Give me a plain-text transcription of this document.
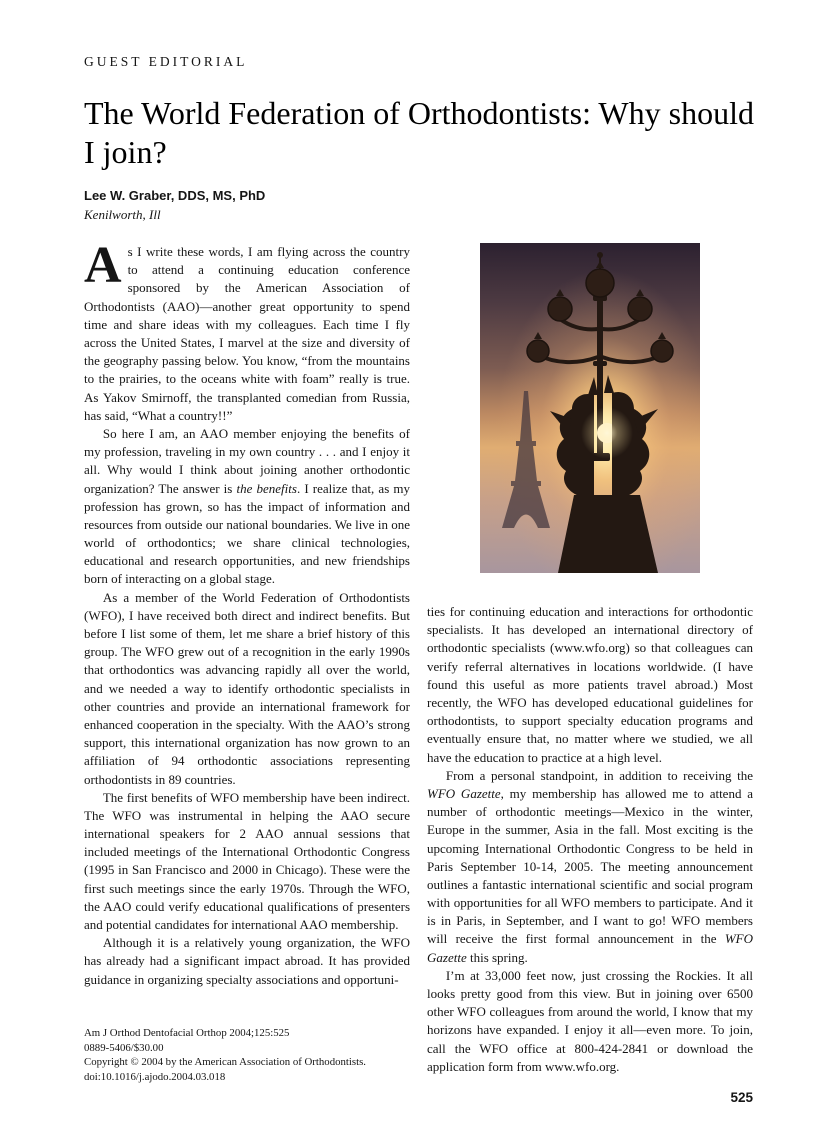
GUEST EDITORIAL
The World Federation of Orthodontists: Why should I join?
Lee W. Graber, DDS, MS, PhD
Kenilworth, Ill

As I write these words, I am flying across the country to attend a continuing education conference sponsored by the American Association of Orthodontists (AAO)—another great opportunity to spend time and share ideas with my colleagues. Each time I fly across the United States, I marvel at the size and diversity of the geography passing below. You know, “from the mountains to the prairies, to the oceans white with foam” really is true. As Yakov Smirnoff, the transplanted comedian from Russia, has said, “What a country!!”

So here I am, an AAO member enjoying the benefits of my profession, traveling in my own country . . . and I enjoy it all. Why would I think about joining another orthodontic organization? The answer is the benefits. I realize that, as my profession has grown, so has the impact of information and resources from outside our national boundaries. We live in one world of orthodontics; we share clinical technologies, educational and research opportunities, and new friendships born of interacting on a global stage.

As a member of the World Federation of Orthodontists (WFO), I have received both direct and indirect benefits. But before I list some of them, let me share a brief history of this group. The WFO grew out of a recognition in the early 1990s that orthodontics was advancing rapidly all over the world, and we needed a way to identify orthodontic specialists in other countries and provide an international framework for enhanced cooperation in the specialty. With the AAO’s strong support, this international organization has now grown to an affiliation of 94 orthodontic associations representing orthodontists in 89 countries.

The first benefits of WFO membership have been indirect. The WFO was instrumental in helping the AAO secure international speakers for 2 AAO annual sessions that included meetings of the International Orthodontic Congress (1995 in San Francisco and 2000 in Chicago). These were the first such meetings since the early 1970s. Through the WFO, the AAO could verify educational qualifications of presenters and potential candidates for international AAO membership.

Although it is a relatively young organization, the WFO has already had a significant impact abroad. It has provided guidance in organizing specialty associations and opportuni-

Am J Orthod Dentofacial Orthop 2004;125:525
0889-5406/$30.00
Copyright © 2004 by the American Association of Orthodontists.
doi:10.1016/j.ajodo.2004.03.018

ties for continuing education and interactions for orthodontic specialists. It has developed an international directory of orthodontic specialists (www.wfo.org) so that colleagues can verify referral alternatives in locations worldwide. (I have found this useful as more patients travel abroad.) Most recently, the WFO has developed educational guidelines for orthodontists, to support specialty education programs and eventually ensure that, no matter where we studied, we all have the education to practice at a high level.

From a personal standpoint, in addition to receiving the WFO Gazette, my membership has allowed me to attend a number of orthodontic meetings—Mexico in the winter, Europe in the summer, Asia in the fall. Most exciting is the upcoming International Orthodontic Congress to be held in Paris September 10-14, 2005. The meeting announcement outlines a fantastic international scientific and social program with opportunities for all WFO members to participate. And it is in Paris, in September, and I want to go! WFO members will receive the first formal announcement in the WFO Gazette this spring.

I’m at 33,000 feet now, just crossing the Rockies. It all looks pretty good from this view. But in joining over 6500 other WFO colleagues from around the world, I know that my horizons have expanded. I enjoy it all—even more. To join, call the WFO office at 800-424-2841 or download the application form from www.wfo.org.

525
